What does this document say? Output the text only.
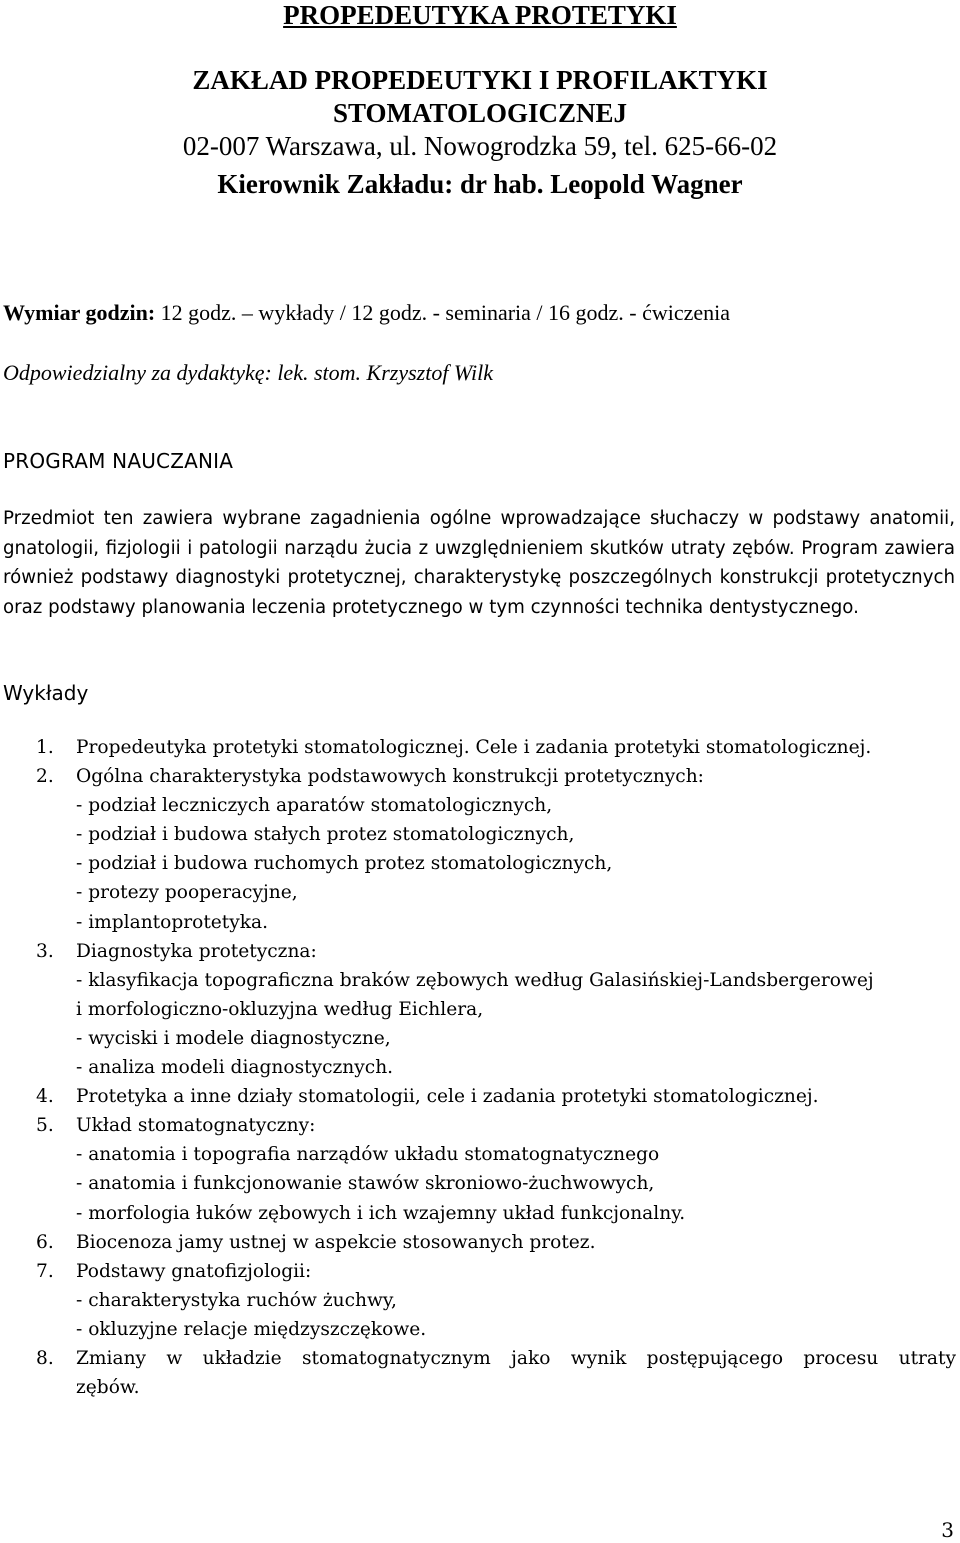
PROPEDEUTYKA PROTETYKI
ZAKŁAD PROPEDEUTYKI I PROFILAKTYKI
STOMATOLOGICZNEJ
02-007 Warszawa, ul. Nowogrodzka 59, tel. 625-66-02
Kierownik Zakładu: dr hab. Leopold Wagner
Wymiar godzin: 12 godz. – wykłady / 12 godz. - seminaria / 16 godz. - ćwiczenia
Odpowiedzialny za dydaktykę: lek. stom. Krzysztof Wilk
PROGRAM NAUCZANIA
Przedmiot ten zawiera wybrane zagadnienia ogólne wprowadzające słuchaczy w podstawy anatomii, gnatologii, fizjologii i patologii narządu żucia z uwzględnieniem skutków utraty zębów. Program zawiera również podstawy diagnostyki protetycznej, charakterystykę poszczególnych konstrukcji protetycznych oraz podstawy planowania leczenia protetycznego w tym czynności technika dentystycznego.
Wykłady
1.	Propedeutyka protetyki stomatologicznej. Cele i zadania protetyki stomatologicznej.
2.	Ogólna charakterystyka podstawowych konstrukcji protetycznych:
- podział leczniczych aparatów stomatologicznych,
- podział i budowa stałych protez stomatologicznych,
- podział i budowa ruchomych protez stomatologicznych,
- protezy pooperacyjne,
- implantoprotetyka.
3.	Diagnostyka protetyczna:
- klasyfikacja topograficzna braków zębowych według Galasińskiej-Landsbergerowej
i morfologiczno-okluzyjna według Eichlera,
- wyciski i modele diagnostyczne,
- analiza modeli diagnostycznych.
4.	Protetyka a inne działy stomatologii, cele i zadania protetyki stomatologicznej.
5.	Układ stomatognatyczny:
- anatomia i topografia narządów układu stomatognatycznego
- anatomia i funkcjonowanie stawów skroniowo-żuchwowych,
- morfologia łuków zębowych i ich wzajemny układ funkcjonalny.
6.	Biocenoza jamy ustnej w aspekcie stosowanych protez.
7.	Podstawy gnatofizjologii:
- charakterystyka ruchów żuchwy,
- okluzyjne relacje międzyszczękowe.
8.	Zmiany w układzie stomatognatycznym jako wynik postępującego procesu utraty
zębów.
3
